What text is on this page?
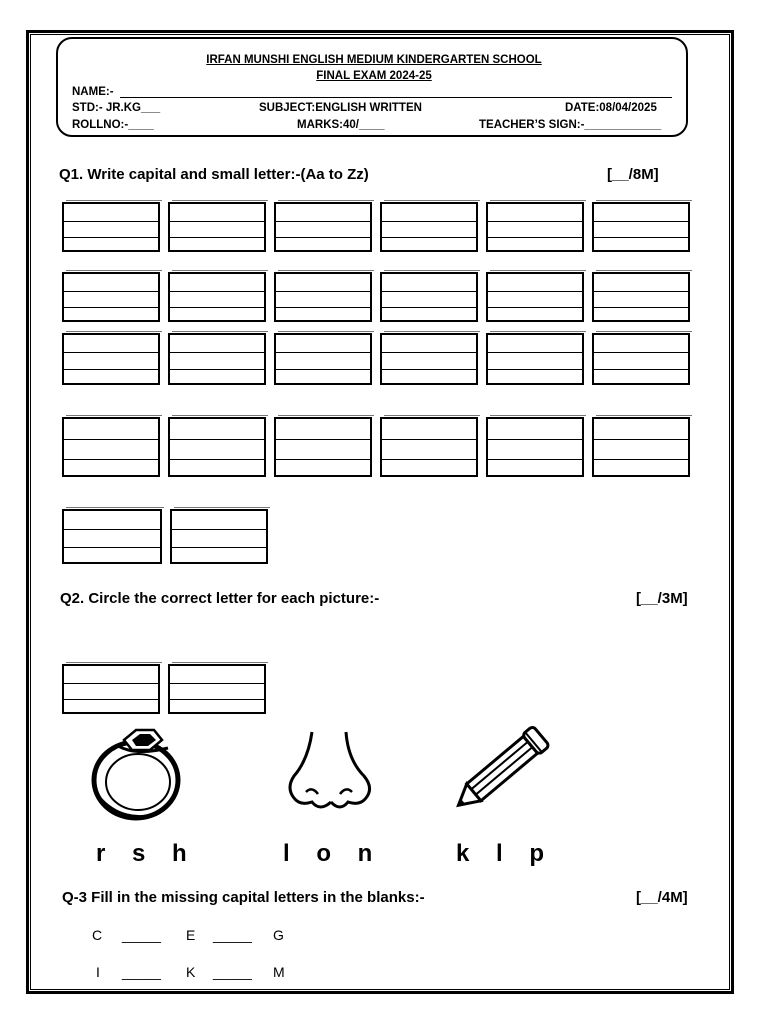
IRFAN MUNSHI ENGLISH MEDIUM KINDERGARTEN SCHOOL
FINAL EXAM 2024-25
NAME:-
STD:- JR.KG___	SUBJECT:ENGLISH WRITTEN	DATE:08/04/2025
ROLLNO:-____	MARKS:40/____	TEACHER’S SIGN:-____________
Q1. Write capital and small letter:-(Aa to Zz)	[__/8M]
Q2. Circle the correct letter for each picture:-	[__/3M]
r s h	l o n	k l p
Q-3 Fill in the missing capital letters in the blanks:-	[__/4M]
C _____ E _____ G
I _____ K _____ M
